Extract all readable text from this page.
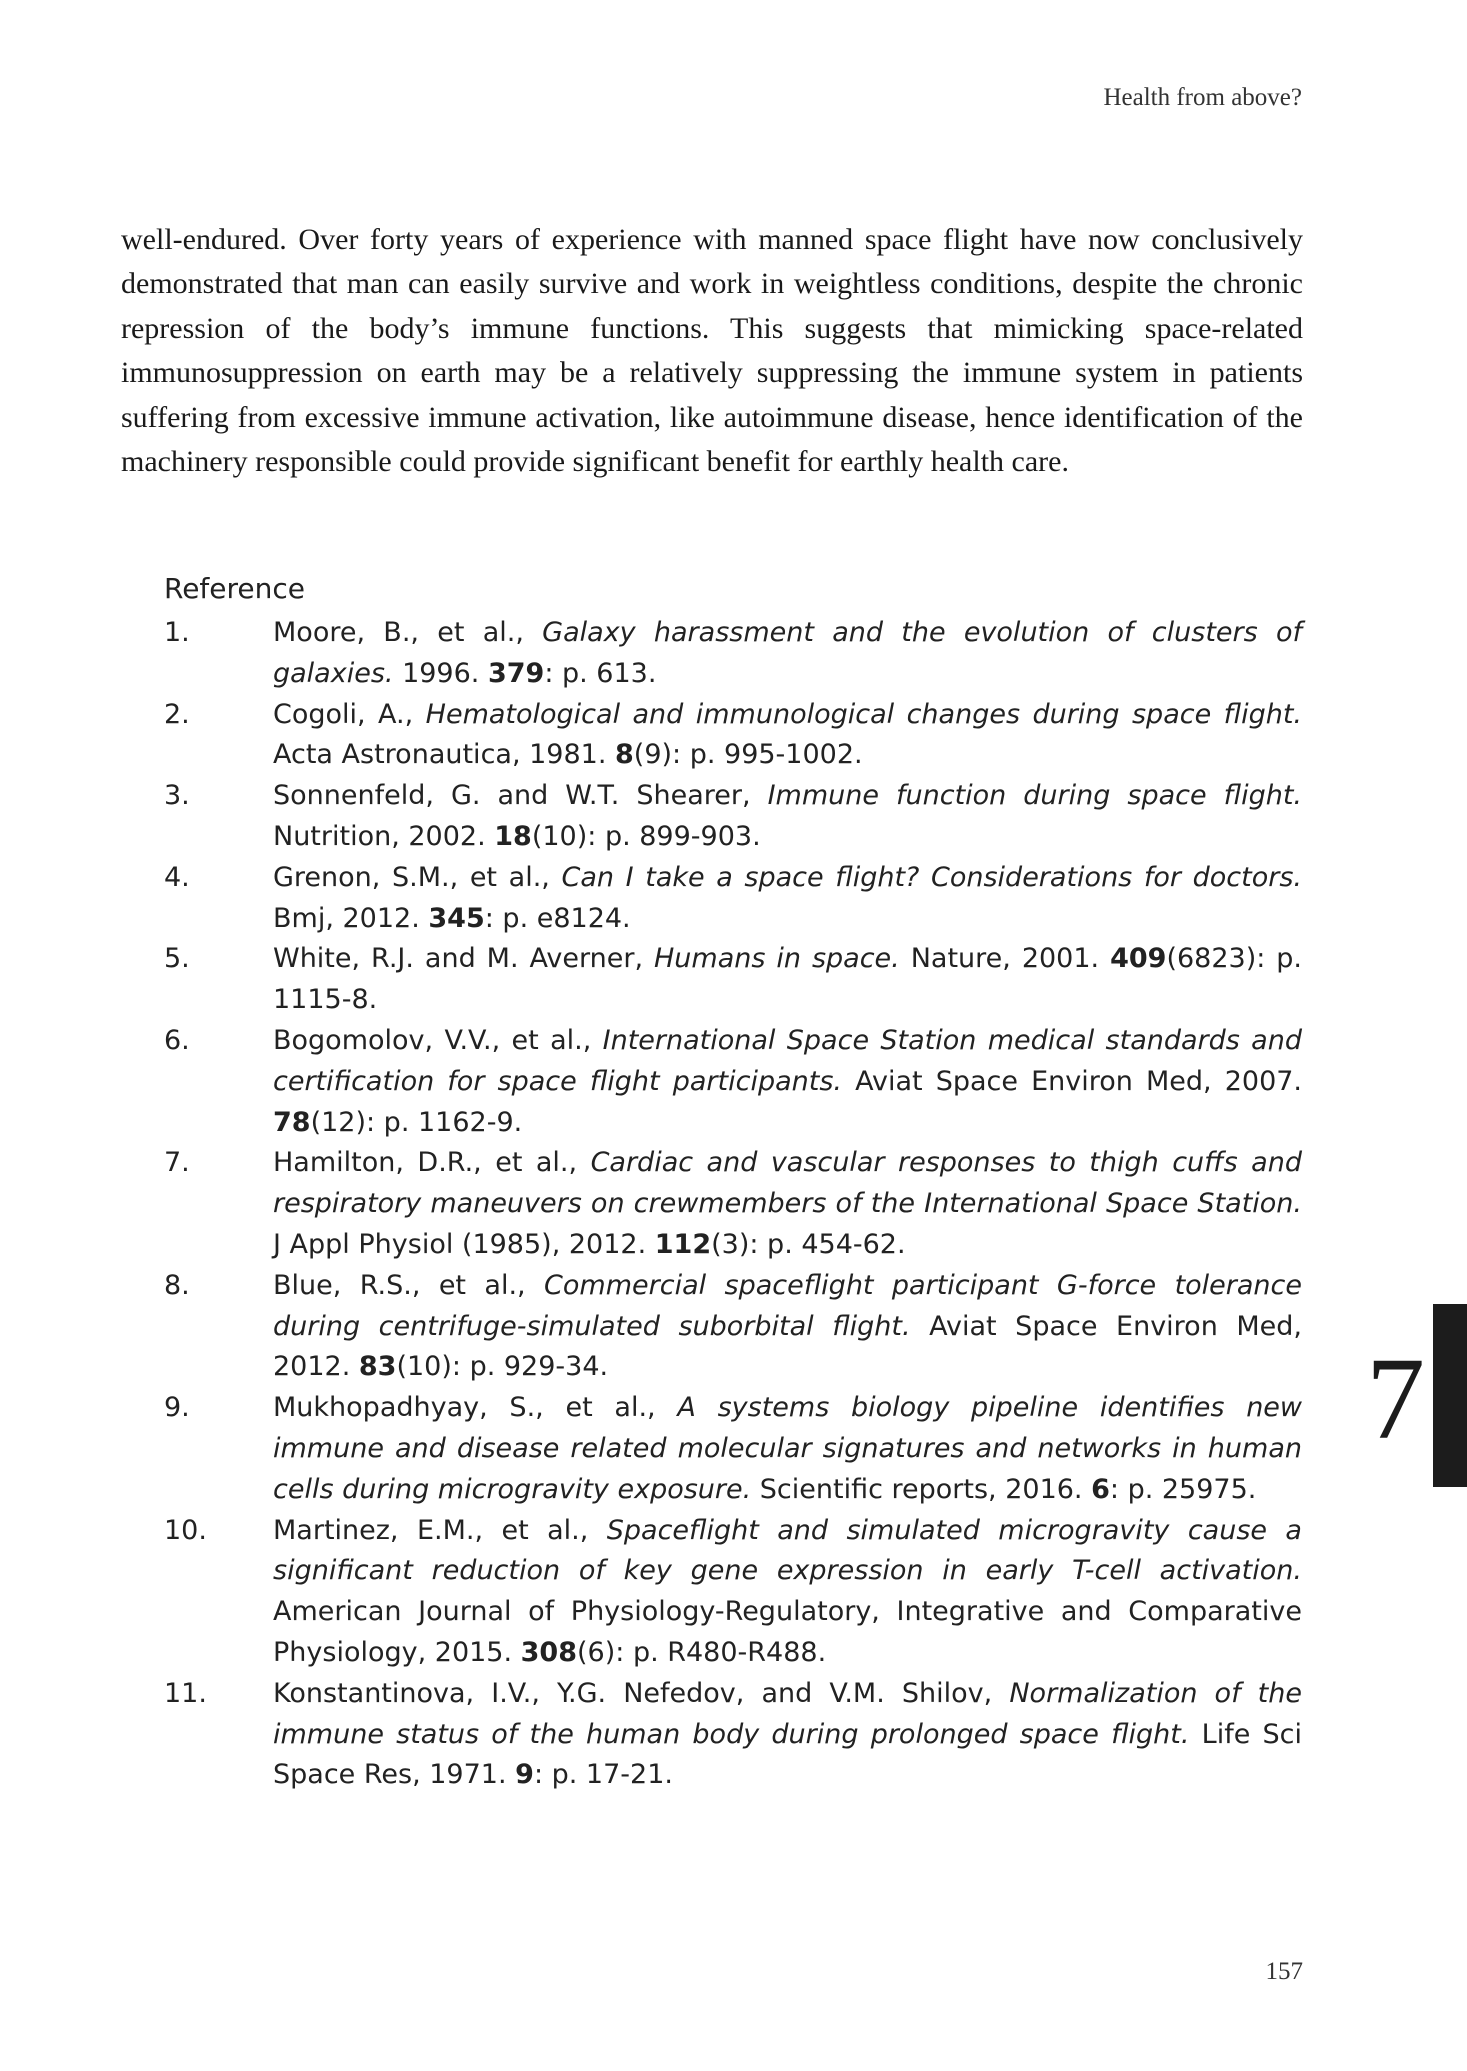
Health from above?

well-endured. Over forty years of experience with manned space flight have now conclusively demonstrated that man can easily survive and work in weightless conditions, despite the chronic repression of the body’s immune functions. This suggests that mimicking space-related immunosuppression on earth may be a relatively suppressing the immune system in patients suffering from excessive immune activation, like autoimmune disease, hence identification of the machinery responsible could provide significant benefit for earthly health care.

Reference
1.	Moore, B., et al., Galaxy harassment and the evolution of clusters of galaxies. 1996. 379: p. 613.
2.	Cogoli, A., Hematological and immunological changes during space flight. Acta Astronautica, 1981. 8(9): p. 995-1002.
3.	Sonnenfeld, G. and W.T. Shearer, Immune function during space flight. Nutrition, 2002. 18(10): p. 899-903.
4.	Grenon, S.M., et al., Can I take a space flight? Considerations for doctors. Bmj, 2012. 345: p. e8124.
5.	White, R.J. and M. Averner, Humans in space. Nature, 2001. 409(6823): p. 1115-8.
6.	Bogomolov, V.V., et al., International Space Station medical standards and certification for space flight participants. Aviat Space Environ Med, 2007. 78(12): p. 1162-9.
7.	Hamilton, D.R., et al., Cardiac and vascular responses to thigh cuffs and respiratory maneuvers on crewmembers of the International Space Station. J Appl Physiol (1985), 2012. 112(3): p. 454-62.
8.	Blue, R.S., et al., Commercial spaceflight participant G-force tolerance during centrifuge-simulated suborbital flight. Aviat Space Environ Med, 2012. 83(10): p. 929-34.
9.	Mukhopadhyay, S., et al., A systems biology pipeline identifies new immune and disease related molecular signatures and networks in human cells during microgravity exposure. Scientific reports, 2016. 6: p. 25975.
10. Martinez, E.M., et al., Spaceflight and simulated microgravity cause a significant reduction of key gene expression in early T-cell activation. American Journal of Physiology-Regulatory, Integrative and Comparative Physiology, 2015. 308(6): p. R480-R488.
11. Konstantinova, I.V., Y.G. Nefedov, and V.M. Shilov, Normalization of the immune status of the human body during prolonged space flight. Life Sci Space Res, 1971. 9: p. 17-21.
7
157
